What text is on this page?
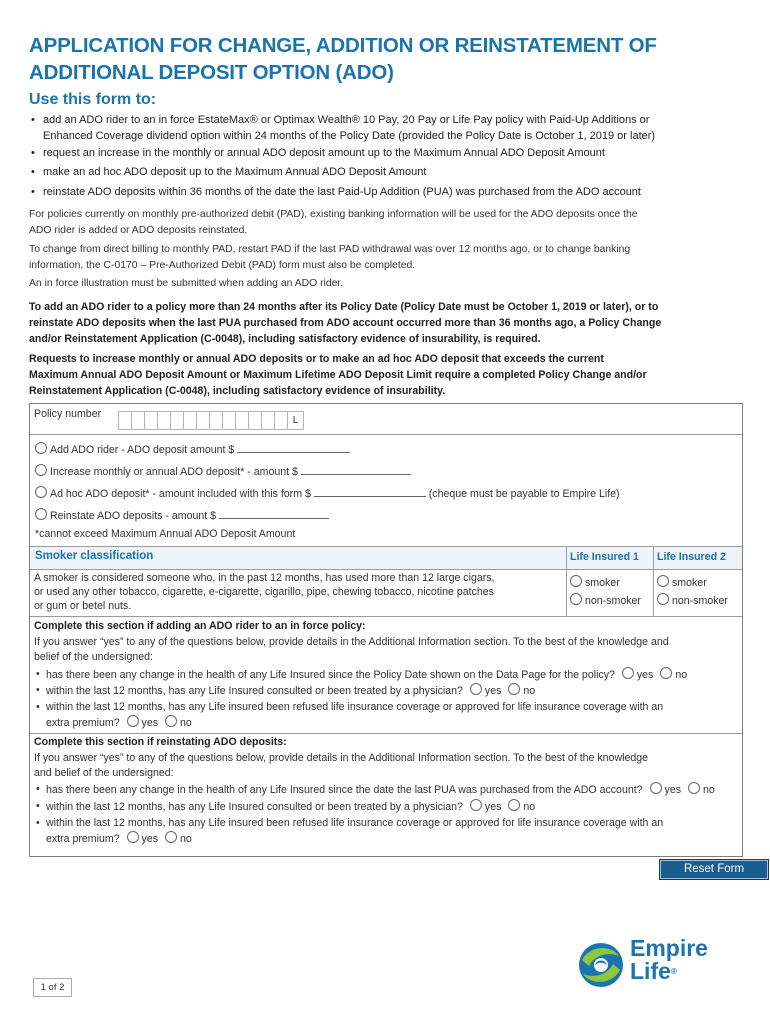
APPLICATION FOR CHANGE, ADDITION OR REINSTATEMENT OF
ADDITIONAL DEPOSIT OPTION (ADO)
Use this form to:
• add an ADO rider to an in force EstateMax® or Optimax Wealth® 10 Pay, 20 Pay or Life Pay policy with Paid-Up Additions or
Enhanced Coverage dividend option within 24 months of the Policy Date (provided the Policy Date is October 1, 2019 or later)
• request an increase in the monthly or annual ADO deposit amount up to the Maximum Annual ADO Deposit Amount
• make an ad hoc ADO deposit up to the Maximum Annual ADO Deposit Amount
• reinstate ADO deposits within 36 months of the date the last Paid-Up Addition (PUA) was purchased from the ADO account
For policies currently on monthly pre-authorized debit (PAD), existing banking information will be used for the ADO deposits once the
ADO rider is added or ADO deposits reinstated.
To change from direct billing to monthly PAD, restart PAD if the last PAD withdrawal was over 12 months ago, or to change banking
information, the C-0170 – Pre-Authorized Debit (PAD) form must also be completed.
An in force illustration must be submitted when adding an ADO rider.
To add an ADO rider to a policy more than 24 months after its Policy Date (Policy Date must be October 1, 2019 or later), or to
reinstate ADO deposits when the last PUA purchased from ADO account occurred more than 36 months ago, a Policy Change
and/or Reinstatement Application (C-0048), including satisfactory evidence of insurability, is required.
Requests to increase monthly or annual ADO deposits or to make an ad hoc ADO deposit that exceeds the current
Maximum Annual ADO Deposit Amount or Maximum Lifetime ADO Deposit Limit require a completed Policy Change and/or
Reinstatement Application (C-0048), including satisfactory evidence of insurability.
Policy number
L
Add ADO rider - ADO deposit amount $
Increase monthly or annual ADO deposit* - amount $
Ad hoc ADO deposit* - amount included with this form $	(cheque must be payable to Empire Life)
Reinstate ADO deposits - amount $
*cannot exceed Maximum Annual ADO Deposit Amount
Smoker classification	Life Insured 1 Life Insured 2
A smoker is considered someone who, in the past 12 months, has used more than 12 large cigars,
or used any other tobacco, cigarette, e-cigarette, cigarillo, pipe, chewing tobacco, nicotine patches
or gum or betel nuts.
smoker
non-smoker
smoker
non-smoker
Complete this section if adding an ADO rider to an in force policy:
If you answer “yes” to any of the questions below, provide details in the Additional Information section. To the best of the knowledge and
belief of the undersigned:
• has there been any change in the health of any Life Insured since the Policy Date shown on the Data Page for the policy? yes no
• within the last 12 months, has any Life Insured consulted or been treated by a physician? yes no
• within the last 12 months, has any Life insured been refused life insurance coverage or approved for life insurance coverage with an
extra premium? yes no
Complete this section if reinstating ADO deposits:
If you answer “yes” to any of the questions below, provide details in the Additional Information section. To the best of the knowledge
and belief of the undersigned:
• has there been any change in the health of any Life Insured since the date the last PUA was purchased from the ADO account? yes no
• within the last 12 months, has any Life Insured consulted or been treated by a physician? yes no
• within the last 12 months, has any Life insured been refused life insurance coverage or approved for life insurance coverage with an
extra premium? yes no
Reset Form
1 of 2
Empire
Life®
